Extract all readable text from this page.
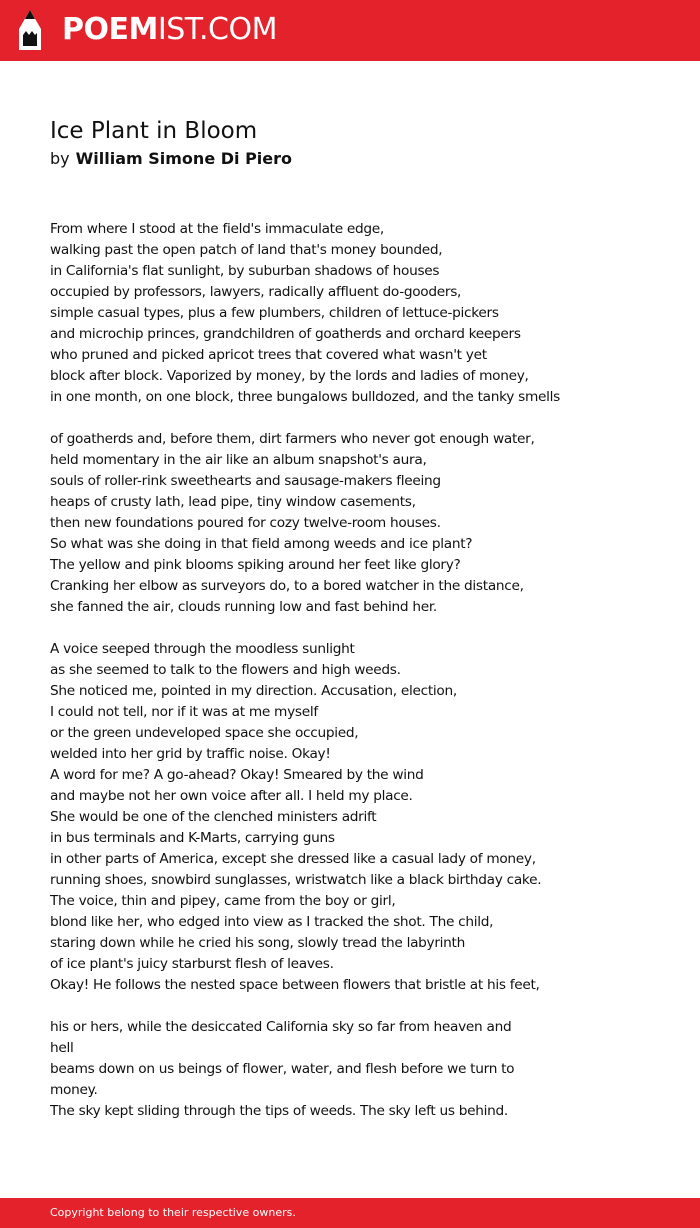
POEMIST.COM
Ice Plant in Bloom
by William Simone Di Piero
From where I stood at the field's immaculate edge,
walking past the open patch of land that's money bounded,
in California's flat sunlight, by suburban shadows of houses
occupied by professors, lawyers, radically affluent do-gooders,
simple casual types, plus a few plumbers, children of lettuce-pickers
and microchip princes, grandchildren of goatherds and orchard keepers
who pruned and picked apricot trees that covered what wasn't yet
block after block. Vaporized by money, by the lords and ladies of money,
in one month, on one block, three bungalows bulldozed, and the tanky smells
of goatherds and, before them, dirt farmers who never got enough water,
held momentary in the air like an album snapshot's aura,
souls of roller-rink sweethearts and sausage-makers fleeing
heaps of crusty lath, lead pipe, tiny window casements,
then new foundations poured for cozy twelve-room houses.
So what was she doing in that field among weeds and ice plant?
The yellow and pink blooms spiking around her feet like glory?
Cranking her elbow as surveyors do, to a bored watcher in the distance,
she fanned the air, clouds running low and fast behind her.
A voice seeped through the moodless sunlight
as she seemed to talk to the flowers and high weeds.
She noticed me, pointed in my direction. Accusation, election,
I could not tell, nor if it was at me myself
or the green undeveloped space she occupied,
welded into her grid by traffic noise. Okay!
A word for me? A go-ahead? Okay! Smeared by the wind
and maybe not her own voice after all. I held my place.
She would be one of the clenched ministers adrift
in bus terminals and K-Marts, carrying guns
in other parts of America, except she dressed like a casual lady of money,
running shoes, snowbird sunglasses, wristwatch like a black birthday cake.
The voice, thin and pipey, came from the boy or girl,
blond like her, who edged into view as I tracked the shot. The child,
staring down while he cried his song, slowly tread the labyrinth
of ice plant's juicy starburst flesh of leaves.
Okay! He follows the nested space between flowers that bristle at his feet,
his or hers, while the desiccated California sky so far from heaven and
hell
beams down on us beings of flower, water, and flesh before we turn to
money.
The sky kept sliding through the tips of weeds. The sky left us behind.
Copyright belong to their respective owners.
